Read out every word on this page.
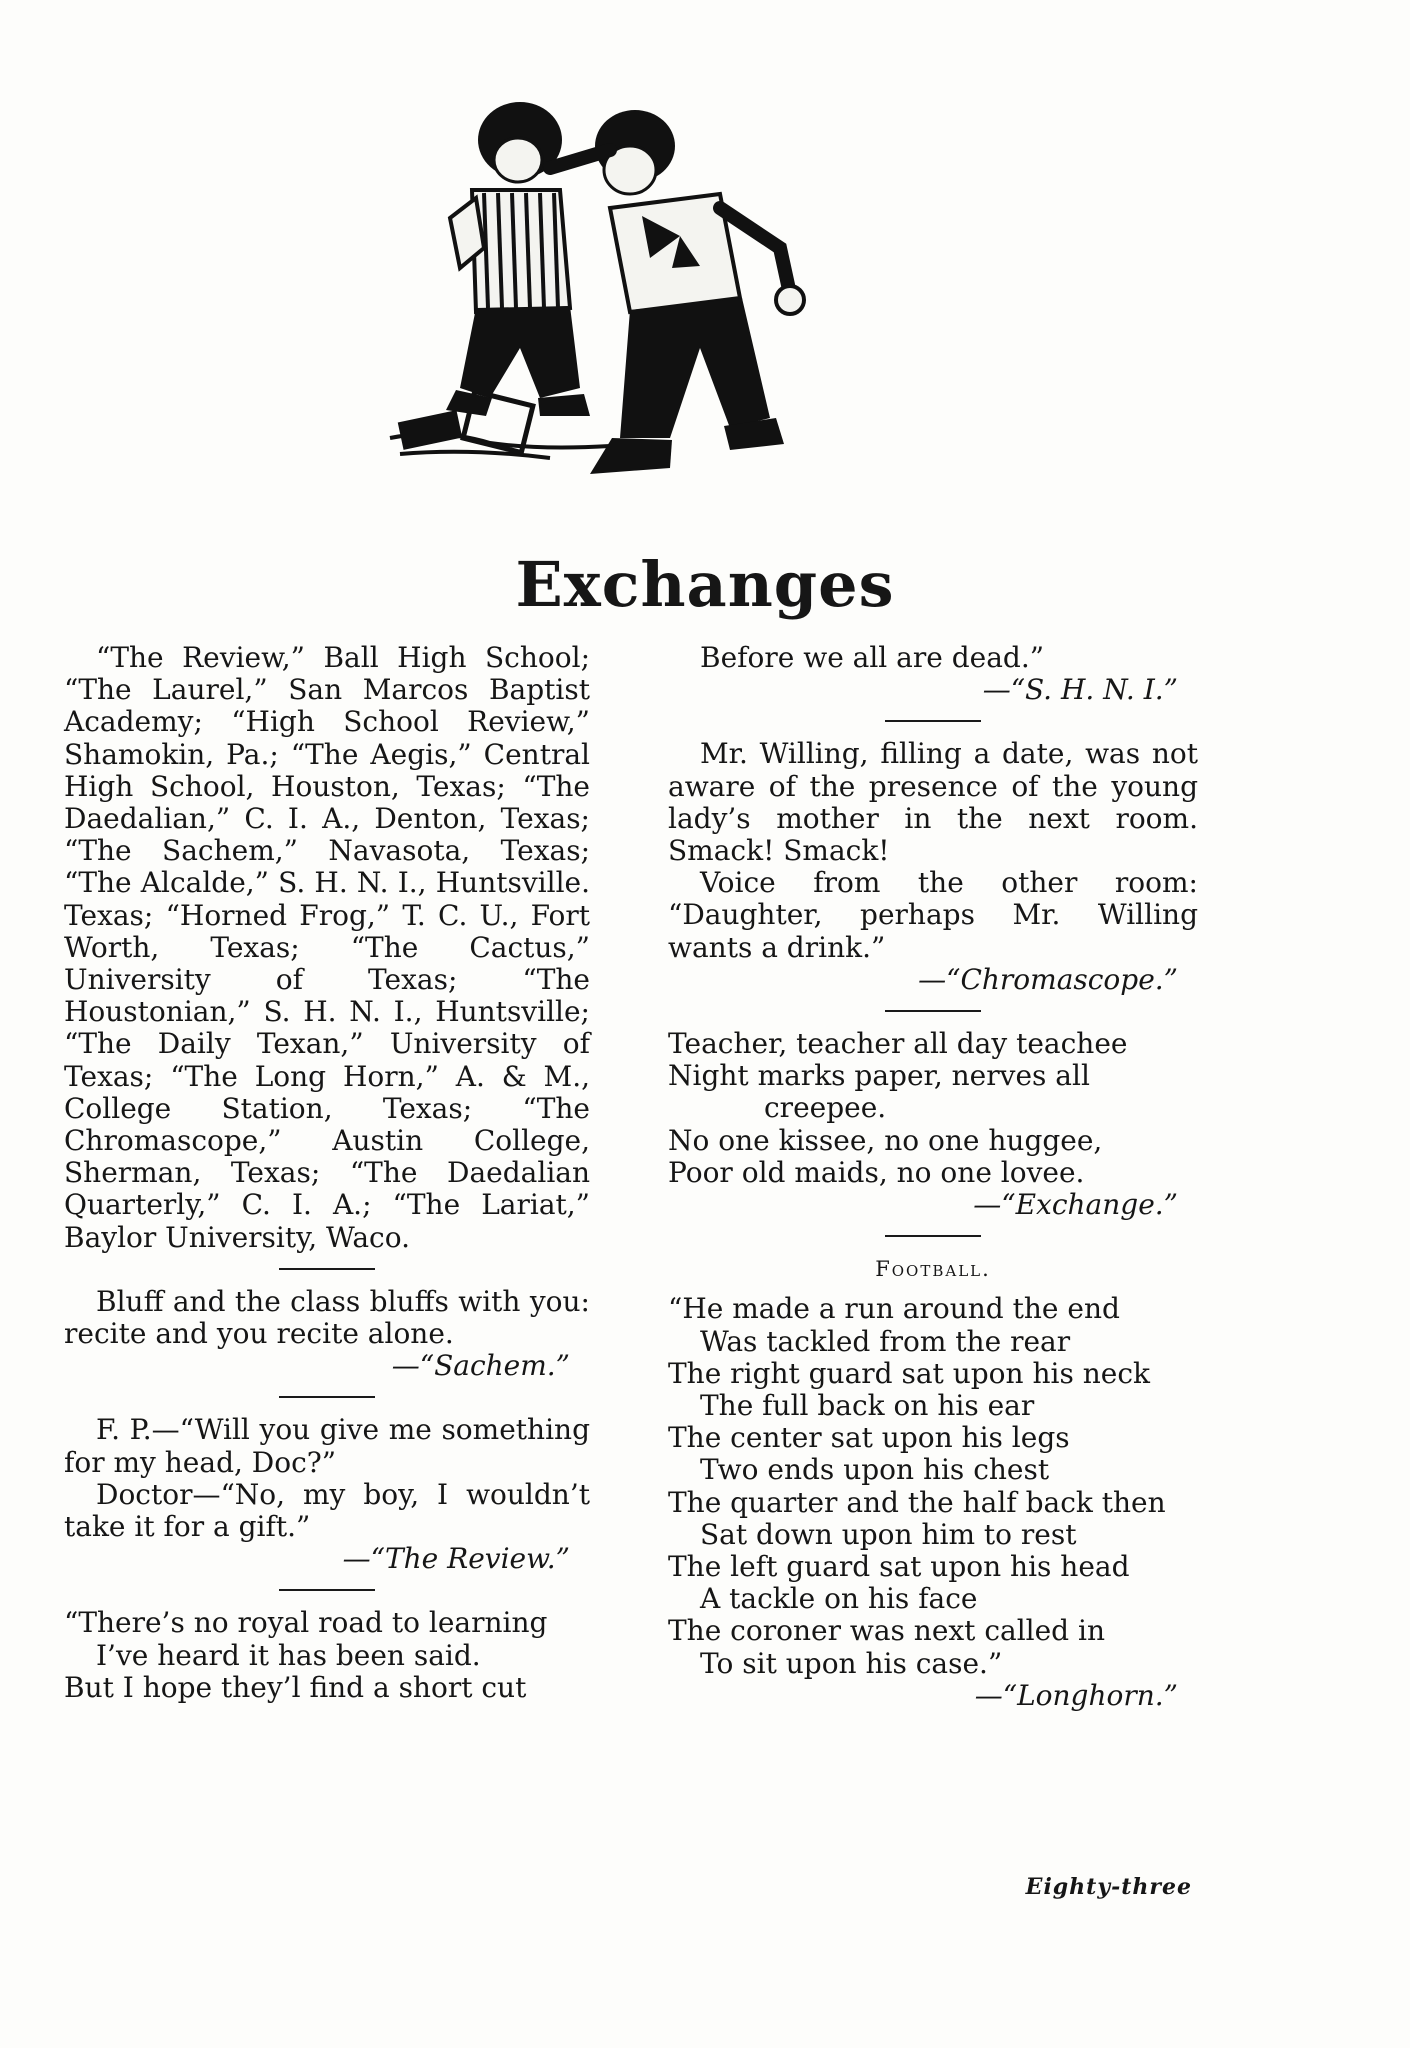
Exchanges

“The Review,” Ball High School; “The Laurel,” San Marcos Baptist Academy; “High School Review,” Shamokin, Pa.; “The Aegis,” Central High School, Houston, Texas; “The Daedalian,” C. I. A., Denton, Texas; “The Sachem,” Navasota, Texas; “The Alcalde,” S. H. N. I., Huntsville. Texas; “Horned Frog,” T. C. U., Fort Worth, Texas; “The Cactus,” University of Texas; “The Houstonian,” S. H. N. I., Huntsville; “The Daily Texan,” University of Texas; “The Long Horn,” A. & M., College Station, Texas; “The Chromascope,” Austin College, Sherman, Texas; “The Daedalian Quarterly,” C. I. A.; “The Lariat,” Baylor University, Waco.

Bluff and the class bluffs with you: recite and you recite alone.

—“Sachem.”

F. P.—“Will you give me something for my head, Doc?”

Doctor—“No, my boy, I wouldn’t take it for a gift.”

—“The Review.”

“There’s no royal road to learning

I’ve heard it has been said.

But I hope they’l find a short cut

Before we all are dead.”

—“S. H. N. I.”

Mr. Willing, filling a date, was not aware of the presence of the young lady’s mother in the next room. Smack! Smack!

Voice from the other room: “Daughter, perhaps Mr. Willing wants a drink.”

—“Chromascope.”

Teacher, teacher all day teachee

Night marks paper, nerves all

creepee.

No one kissee, no one huggee,

Poor old maids, no one lovee.

—“Exchange.”

Football.

“He made a run around the end

Was tackled from the rear

The right guard sat upon his neck

The full back on his ear

The center sat upon his legs

Two ends upon his chest

The quarter and the half back then

Sat down upon him to rest

The left guard sat upon his head

A tackle on his face

The coroner was next called in

To sit upon his case.”

—“Longhorn.”

Eighty-three
